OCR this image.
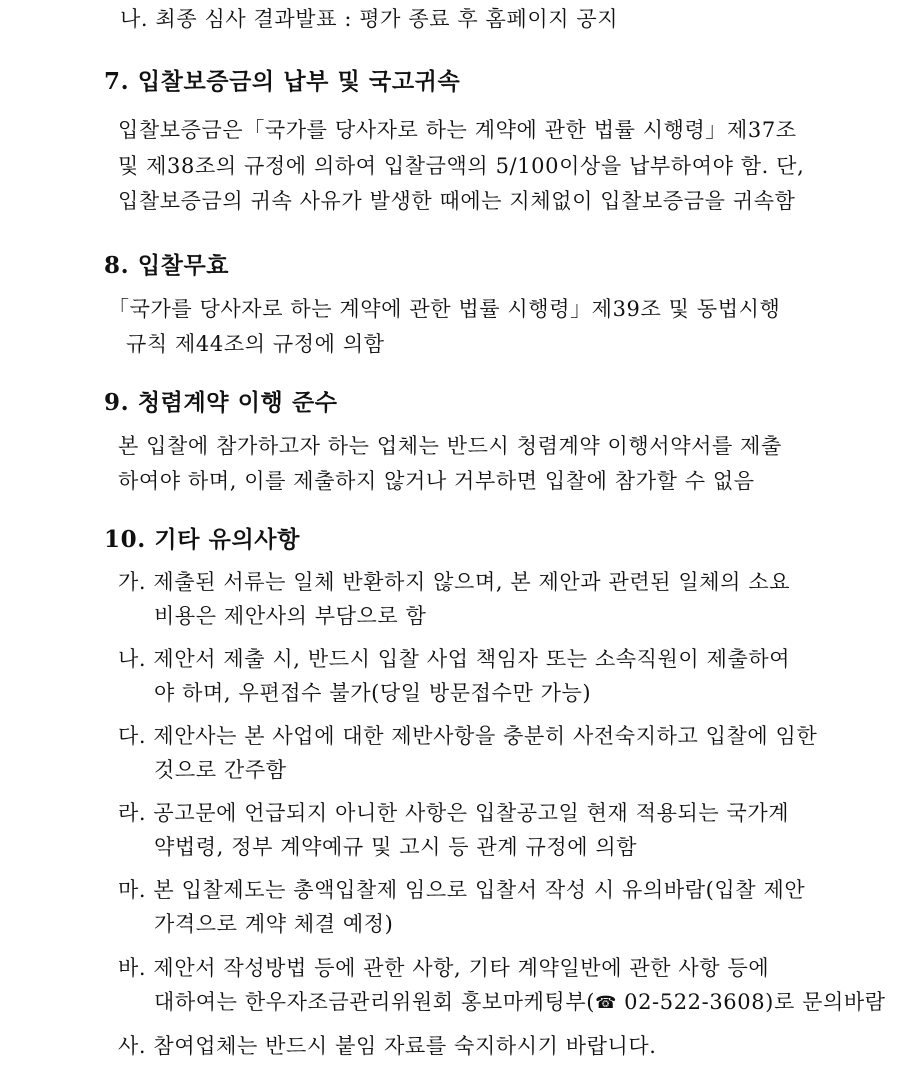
나. 최종 심사 결과발표 : 평가 종료 후 홈페이지 공지
7. 입찰보증금의 납부 및 국고귀속
입찰보증금은「국가를 당사자로 하는 계약에 관한 법률 시행령」제37조
및 제38조의 규정에 의하여 입찰금액의 5/100이상을 납부하여야 함. 단,
입찰보증금의 귀속 사유가 발생한 때에는 지체없이 입찰보증금을 귀속함
8. 입찰무효
「국가를 당사자로 하는 계약에 관한 법률 시행령」제39조 및 동법시행
규칙 제44조의 규정에 의함
9. 청렴계약 이행 준수
본 입찰에 참가하고자 하는 업체는 반드시 청렴계약 이행서약서를 제출
하여야 하며, 이를 제출하지 않거나 거부하면 입찰에 참가할 수 없음
10. 기타 유의사항
가. 제출된 서류는 일체 반환하지 않으며, 본 제안과 관련된 일체의 소요
비용은 제안사의 부담으로 함
나. 제안서 제출 시, 반드시 입찰 사업 책임자 또는 소속직원이 제출하여
야 하며, 우편접수 불가(당일 방문접수만 가능)
다. 제안사는 본 사업에 대한 제반사항을 충분히 사전숙지하고 입찰에 임한
것으로 간주함
라. 공고문에 언급되지 아니한 사항은 입찰공고일 현재 적용되는 국가계
약법령, 정부 계약예규 및 고시 등 관계 규정에 의함
마. 본 입찰제도는 총액입찰제 임으로 입찰서 작성 시 유의바람(입찰 제안
가격으로 계약 체결 예정)
바. 제안서 작성방법 등에 관한 사항, 기타 계약일반에 관한 사항 등에
대하여는 한우자조금관리위원회 홍보마케팅부(☎ 02-522-3608)로 문의바람
사. 참여업체는 반드시 붙임 자료를 숙지하시기 바랍니다.
